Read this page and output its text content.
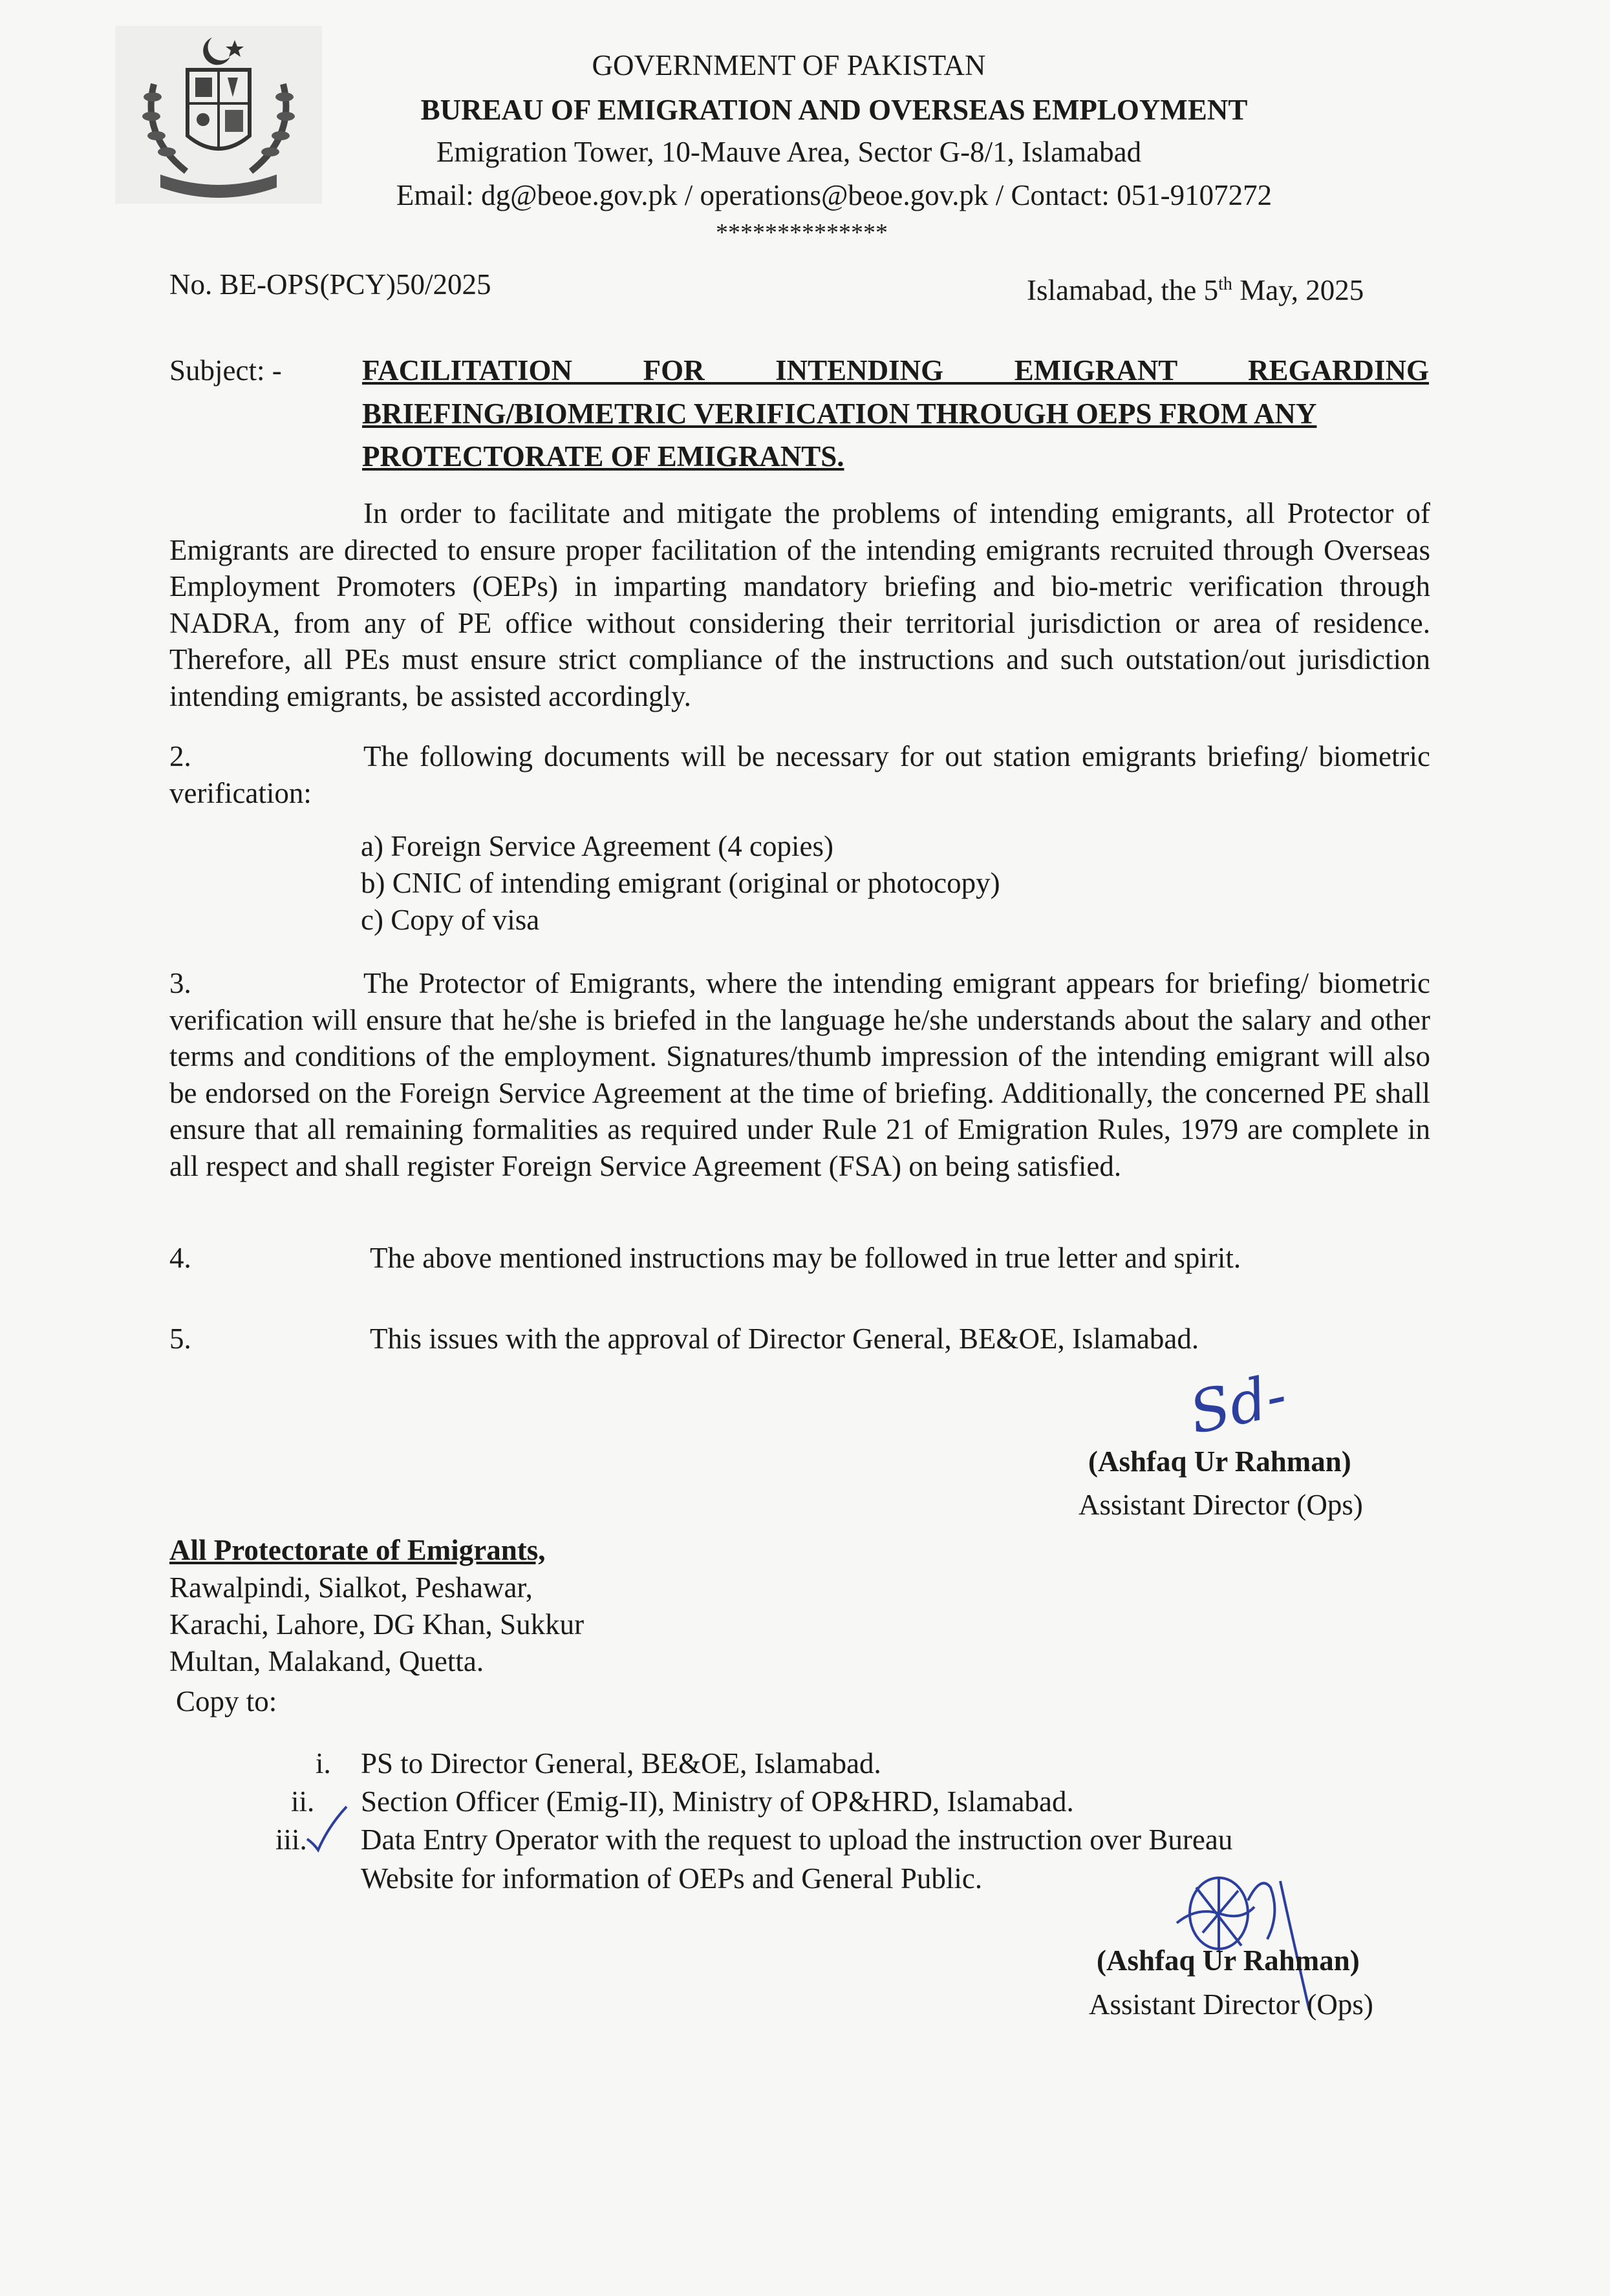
GOVERNMENT OF PAKISTAN
BUREAU OF EMIGRATION AND OVERSEAS EMPLOYMENT
Emigration Tower, 10-Mauve Area, Sector G-8/1, Islamabad
Email: dg@beoe.gov.pk / operations@beoe.gov.pk / Contact: 051-9107272
**************
No. BE-OPS(PCY)50/2025	Islamabad, the 5th May, 2025
Subject: -	FACILITATION FOR INTENDING EMIGRANT REGARDING
BRIEFING/BIOMETRIC VERIFICATION THROUGH OEPS FROM ANY
PROTECTORATE OF EMIGRANTS.
In order to facilitate and mitigate the problems of intending emigrants, all Protector of Emigrants are directed to ensure proper facilitation of the intending emigrants recruited through Overseas Employment Promoters (OEPs) in imparting mandatory briefing and bio-metric verification through NADRA, from any of PE office without considering their territorial jurisdiction or area of residence. Therefore, all PEs must ensure strict compliance of the instructions and such outstation/out jurisdiction intending emigrants, be assisted accordingly.
2.	The following documents will be necessary for out station emigrants briefing/ biometric verification:
a) Foreign Service Agreement (4 copies)
b) CNIC of intending emigrant (original or photocopy)
c) Copy of visa
3.	The Protector of Emigrants, where the intending emigrant appears for briefing/ biometric verification will ensure that he/she is briefed in the language he/she understands about the salary and other terms and conditions of the employment. Signatures/thumb impression of the intending emigrant will also be endorsed on the Foreign Service Agreement at the time of briefing. Additionally, the concerned PE shall ensure that all remaining formalities as required under Rule 21 of Emigration Rules, 1979 are complete in all respect and shall register Foreign Service Agreement (FSA) on being satisfied.
4.	The above mentioned instructions may be followed in true letter and spirit.
5.	This issues with the approval of Director General, BE&OE, Islamabad.
Sd-
(Ashfaq Ur Rahman)
Assistant Director (Ops)
All Protectorate of Emigrants,
Rawalpindi, Sialkot, Peshawar,
Karachi, Lahore, DG Khan, Sukkur
Multan, Malakand, Quetta.
Copy to:
i. PS to Director General, BE&OE, Islamabad.
ii. Section Officer (Emig-II), Ministry of OP&HRD, Islamabad.
iii. Data Entry Operator with the request to upload the instruction over Bureau
Website for information of OEPs and General Public.
(Ashfaq Ur Rahman)
Assistant Director (Ops)
